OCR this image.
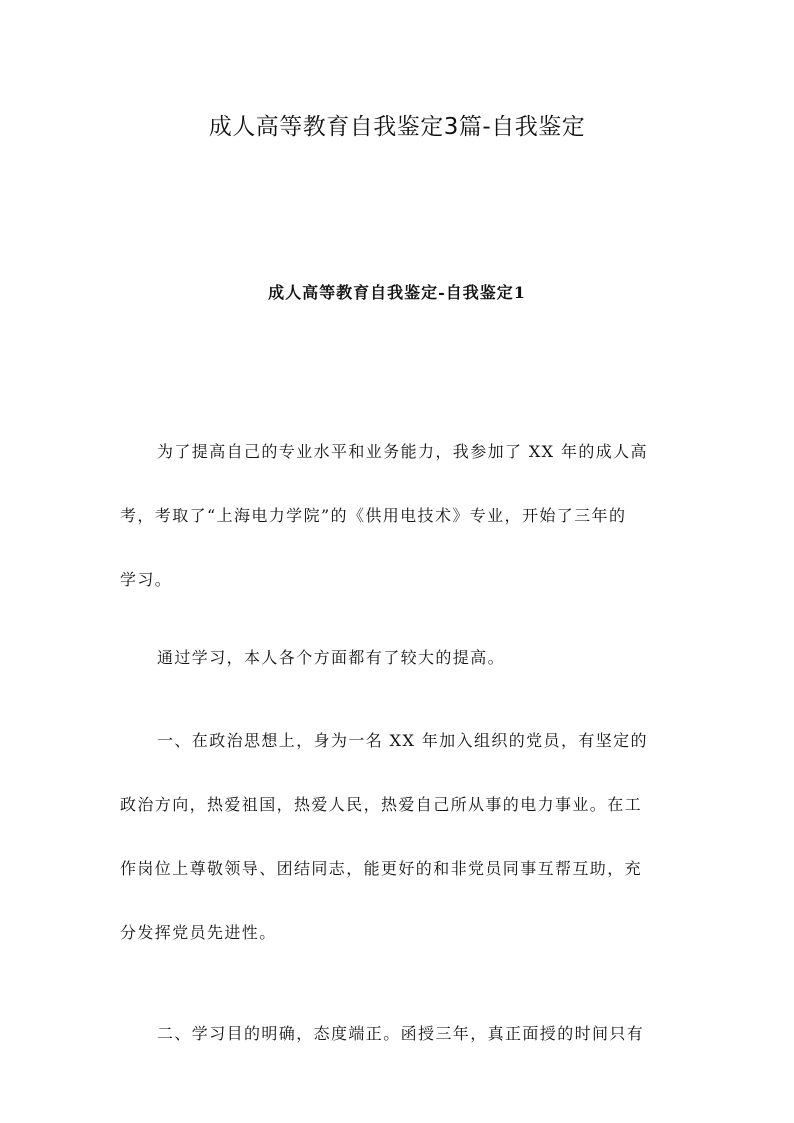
成人高等教育自我鉴定3篇-自我鉴定
成人高等教育自我鉴定-自我鉴定1
为了提高自己的专业水平和业务能力，我参加了 XX 年的成人高
考，考取了“上海电力学院”的《供用电技术》专业，开始了三年的
学习。
通过学习，本人各个方面都有了较大的提高。
一、在政治思想上，身为一名 XX 年加入组织的党员，有坚定的
政治方向，热爱祖国，热爱人民，热爱自己所从事的电力事业。在工
作岗位上尊敬领导、团结同志，能更好的和非党员同事互帮互助，充
分发挥党员先进性。
二、学习目的明确，态度端正。函授三年，真正面授的时间只有
